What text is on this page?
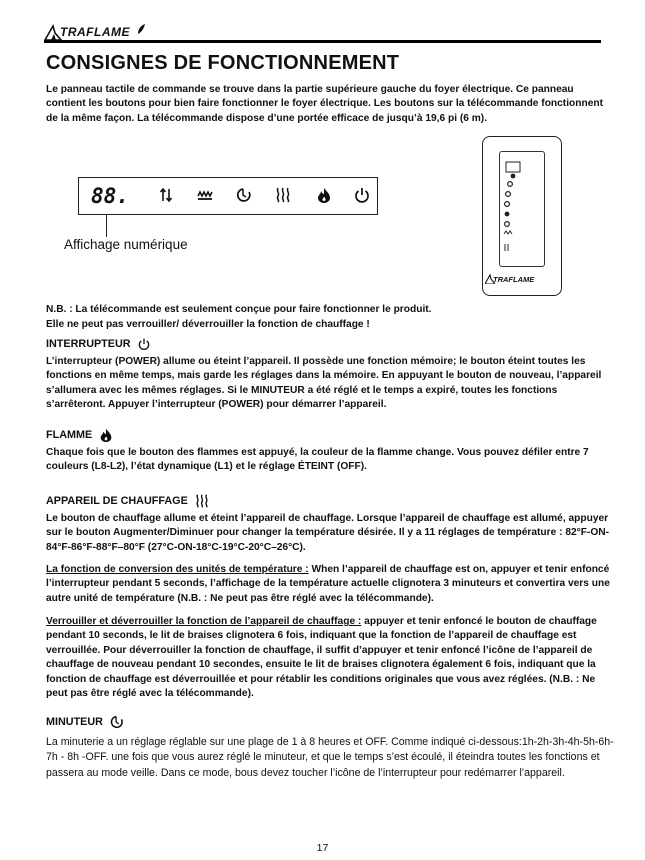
TRAFLAME
CONSIGNES DE FONCTIONNEMENT

Le panneau tactile de commande se trouve dans la partie supérieure gauche du foyer électrique. Ce panneau contient les boutons pour bien faire fonctionner le foyer électrique. Les boutons sur la télécommande fonctionnent de la même façon. La télécommande dispose d’une portée efficace de jusqu’à 19,6 pi (6 m).

88.
Affichage numérique
TRAFLAME

N.B. : La télécommande est seulement conçue pour faire fonctionner le produit.

Elle ne peut pas verrouiller/ déverrouiller la fonction de chauffage !

INTERRUPTEUR

L’interrupteur (POWER) allume ou éteint l’appareil. Il possède une fonction mémoire; le bouton éteint toutes les fonctions en même temps, mais garde les réglages dans la mémoire. En appuyant le bouton de nouveau, l’appareil s’allumera avec les mêmes réglages. Si le MINUTEUR a été réglé et le temps a expiré, toutes les fonctions s’arrêteront. Appuyer l’interrupteur (POWER) pour démarrer l’appareil.

FLAMME

Chaque fois que le bouton des flammes est appuyé, la couleur de la flamme change. Vous pouvez défiler entre 7 couleurs (L8-L2), l’état dynamique (L1) et le réglage ÉTEINT (OFF).

APPAREIL DE CHAUFFAGE

Le bouton de chauffage allume et éteint l’appareil de chauffage. Lorsque l’appareil de chauffage est allumé, appuyer sur le bouton Augmenter/Diminuer pour changer la température désirée. Il y a 11 réglages de température : 82°F-ON-84°F-86°F-88°F–80°F (27°C-ON-18°C-19°C-20°C–26°C).

La fonction de conversion des unités de température : When l’appareil de chauffage est on, appuyer et tenir enfoncé l’interrupteur pendant 5 seconds, l’affichage de la température actuelle clignotera 3 minuteurs et convertira vers une autre unité de température (N.B. : Ne peut pas être réglé avec la télécommande).

Verrouiller et déverrouiller la fonction de l’appareil de chauffage : appuyer et tenir enfoncé le bouton de chauffage pendant 10 seconds, le lit de braises clignotera 6 fois, indiquant que la fonction de l’appareil de chauffage est verrouillée. Pour déverrouiller la fonction de chauffage, il suffit d’appuyer et tenir enfoncé l’icône de l’appareil de chauffage de nouveau pendant 10 secondes, ensuite le lit de braises clignotera également 6 fois, indiquant que la fonction de chauffage est déverrouillée et pour rétablir les conditions originales que vous avez réglées. (N.B. : Ne peut pas être réglé avec la télécommande).

MINUTEUR

La minuterie a un réglage réglable sur une plage de 1 à 8 heures et OFF. Comme indiqué ci-dessous:1h-2h-3h-4h-5h-6h-7h - 8h -OFF. une fois que vous aurez réglé le minuteur, et que le temps s’est écoulé, il éteindra toutes les fonctions et passera au mode veille. Dans ce mode, bous devez toucher l’icône de l’interrupteur pour redémarrer l’appareil.

17
